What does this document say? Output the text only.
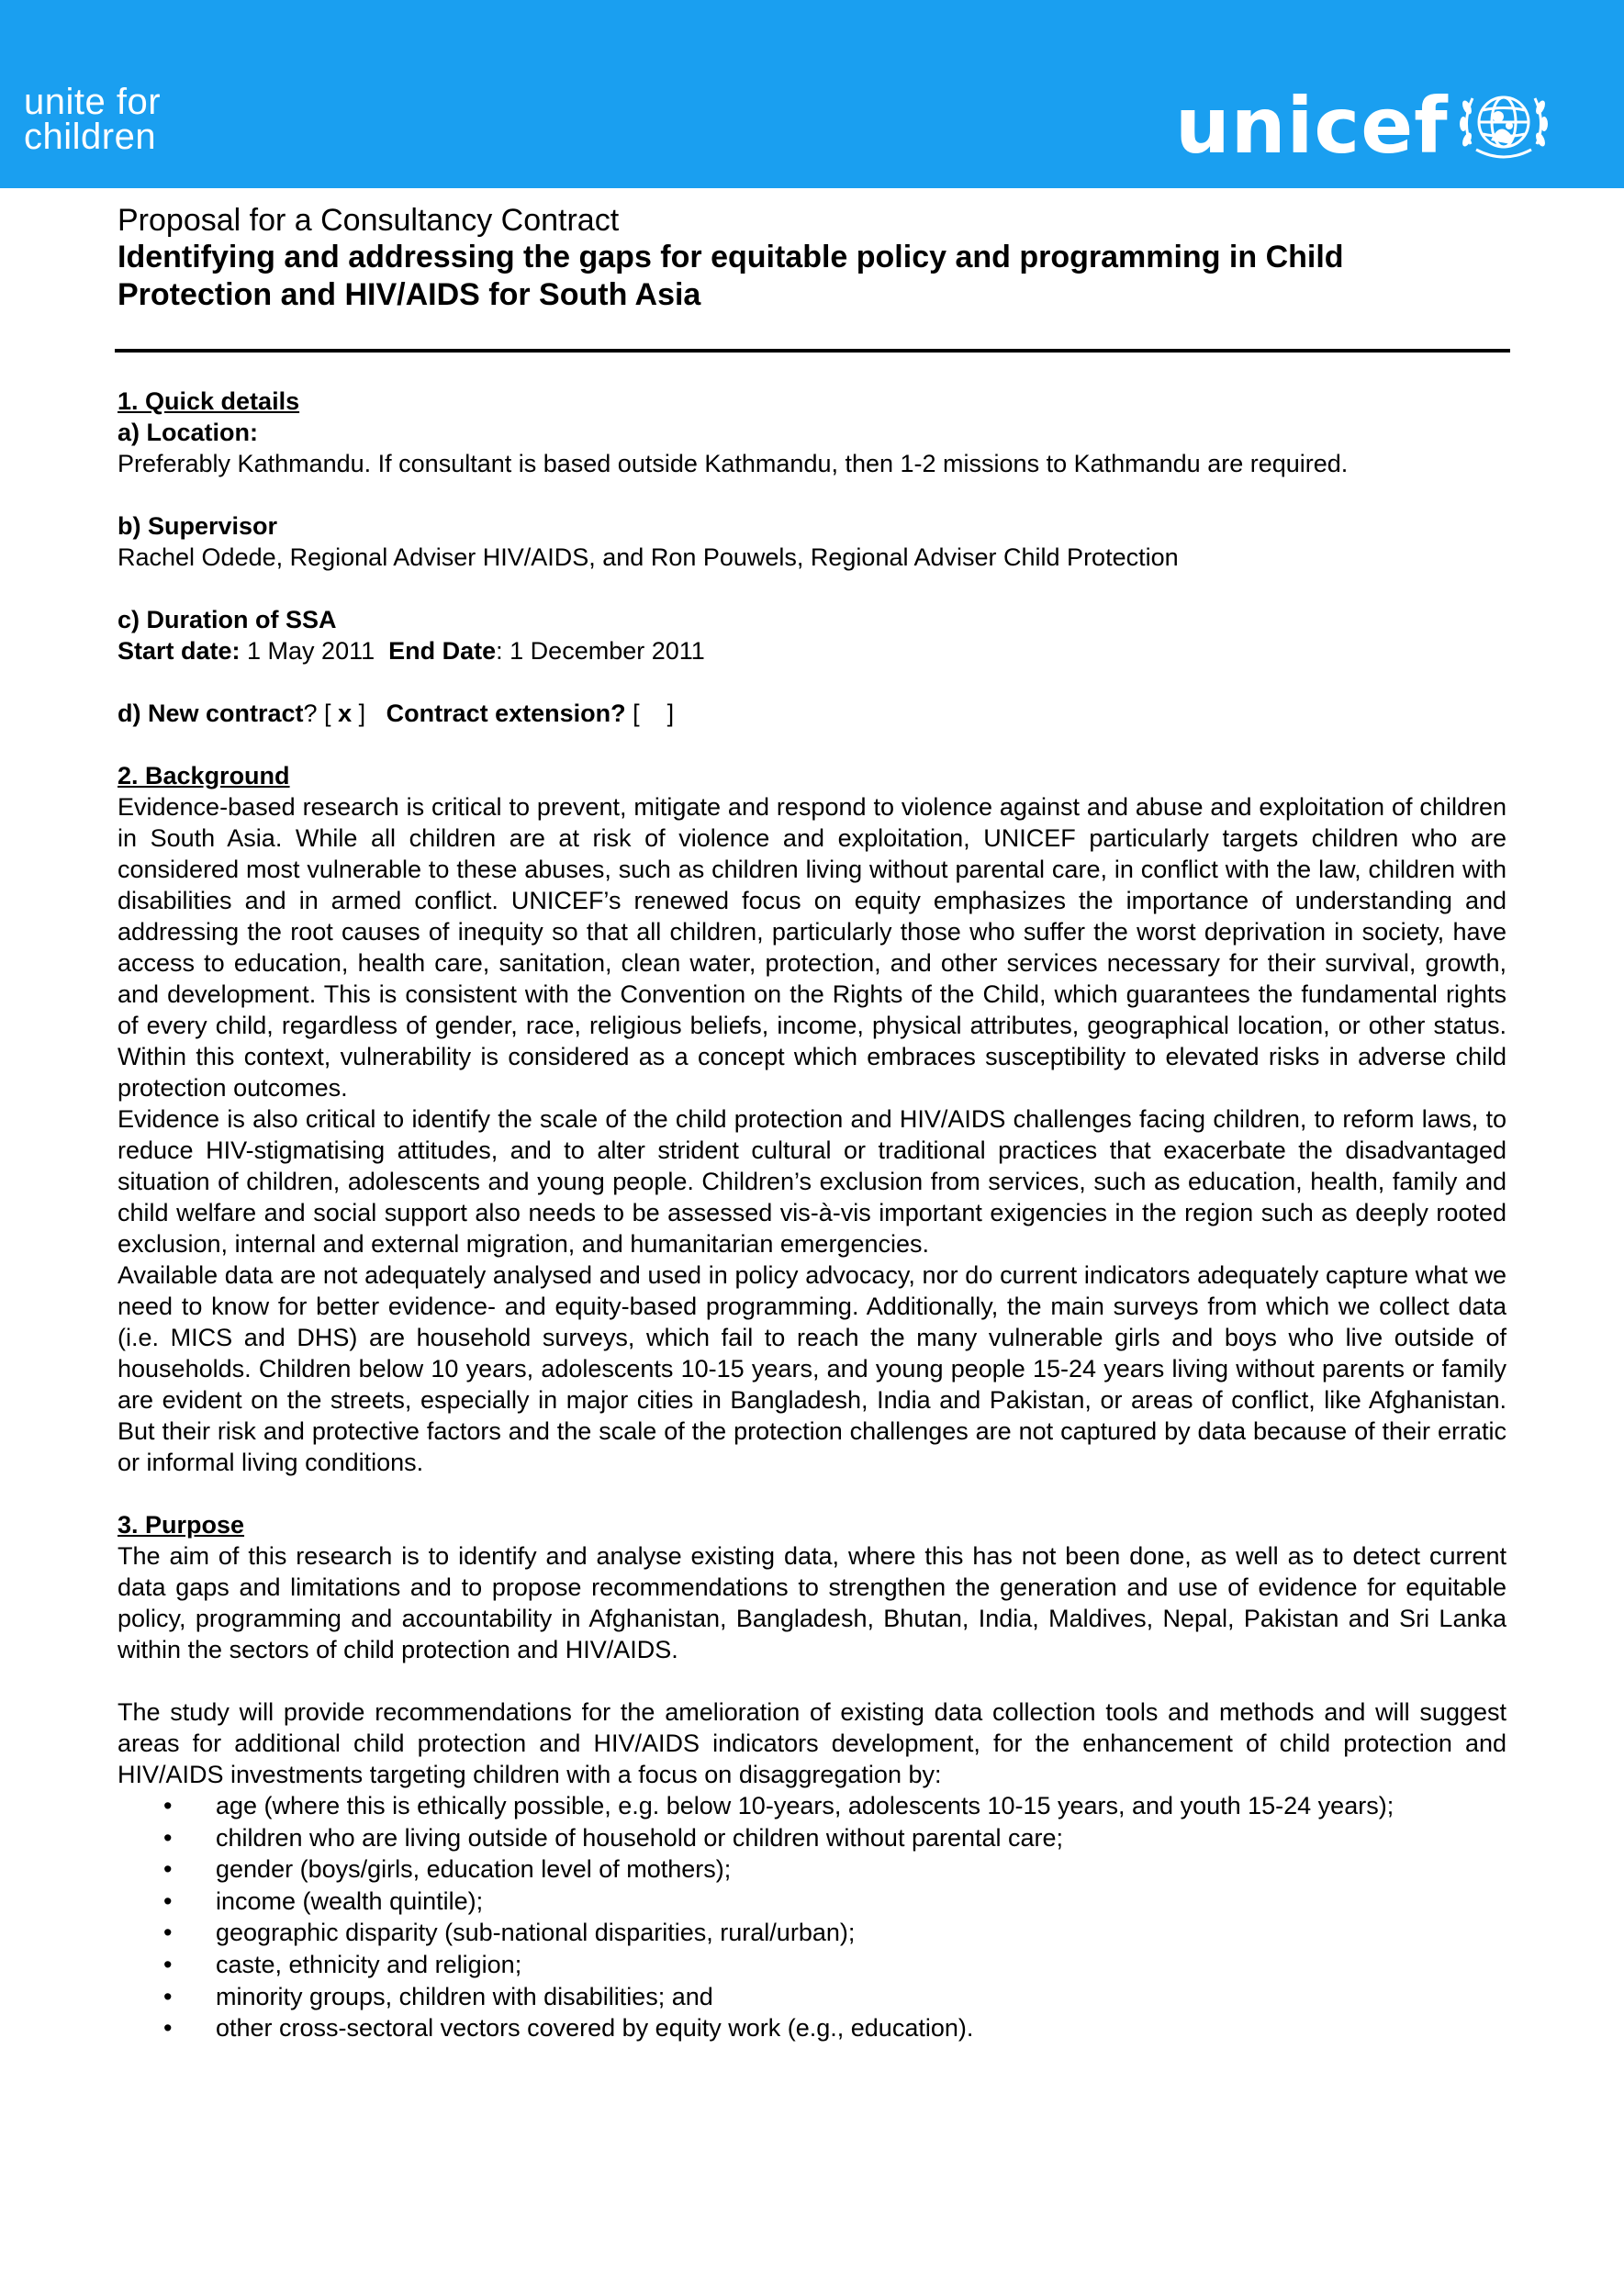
unite for
children	unicef
Proposal for a Consultancy Contract
Identifying and addressing the gaps for equitable policy and programming in Child
Protection and HIV/AIDS for South Asia
1. Quick details
a) Location:
Preferably Kathmandu. If consultant is based outside Kathmandu, then 1-2 missions to Kathmandu are required.
b) Supervisor
Rachel Odede, Regional Adviser HIV/AIDS, and Ron Pouwels, Regional Adviser Child Protection
c) Duration of SSA
Start date: 1 May 2011  End Date: 1 December 2011
d) New contract? [ x ]   Contract extension? [    ]
2. Background
Evidence-based research is critical to prevent, mitigate and respond to violence against and abuse and exploitation of children in South Asia. While all children are at risk of violence and exploitation, UNICEF particularly targets children who are considered most vulnerable to these abuses, such as children living without parental care, in conflict with the law, children with disabilities and in armed conflict. UNICEF’s renewed focus on equity emphasizes the importance of understanding and addressing the root causes of inequity so that all children, particularly those who suffer the worst deprivation in society, have access to education, health care, sanitation, clean water, protection, and other services necessary for their survival, growth, and development. This is consistent with the Convention on the Rights of the Child, which guarantees the fundamental rights of every child, regardless of gender, race, religious beliefs, income, physical attributes, geographical location, or other status. Within this context, vulnerability is considered as a concept which embraces susceptibility to elevated risks in adverse child protection outcomes.
Evidence is also critical to identify the scale of the child protection and HIV/AIDS challenges facing children, to reform laws, to reduce HIV-stigmatising attitudes, and to alter strident cultural or traditional practices that exacerbate the disadvantaged situation of children, adolescents and young people. Children’s exclusion from services, such as education, health, family and child welfare and social support also needs to be assessed vis-à-vis important exigencies in the region such as deeply rooted exclusion, internal and external migration, and humanitarian emergencies.
Available data are not adequately analysed and used in policy advocacy, nor do current indicators adequately capture what we need to know for better evidence- and equity-based programming. Additionally, the main surveys from which we collect data (i.e. MICS and DHS) are household surveys, which fail to reach the many vulnerable girls and boys who live outside of households. Children below 10 years, adolescents 10-15 years, and young people 15-24 years living without parents or family are evident on the streets, especially in major cities in Bangladesh, India and Pakistan, or areas of conflict, like Afghanistan. But their risk and protective factors and the scale of the protection challenges are not captured by data because of their erratic or informal living conditions.
3. Purpose
The aim of this research is to identify and analyse existing data, where this has not been done, as well as to detect current data gaps and limitations and to propose recommendations to strengthen the generation and use of evidence for equitable policy, programming and accountability in Afghanistan, Bangladesh, Bhutan, India, Maldives, Nepal, Pakistan and Sri Lanka within the sectors of child protection and HIV/AIDS.
The study will provide recommendations for the amelioration of existing data collection tools and methods and will suggest areas for additional child protection and HIV/AIDS indicators development, for the enhancement of child protection and HIV/AIDS investments targeting children with a focus on disaggregation by:
• age (where this is ethically possible, e.g. below 10-years, adolescents 10-15 years, and youth 15-24 years);
• children who are living outside of household or children without parental care;
• gender (boys/girls, education level of mothers);
• income (wealth quintile);
• geographic disparity (sub-national disparities, rural/urban);
• caste, ethnicity and religion;
• minority groups, children with disabilities; and
• other cross-sectoral vectors covered by equity work (e.g., education).
